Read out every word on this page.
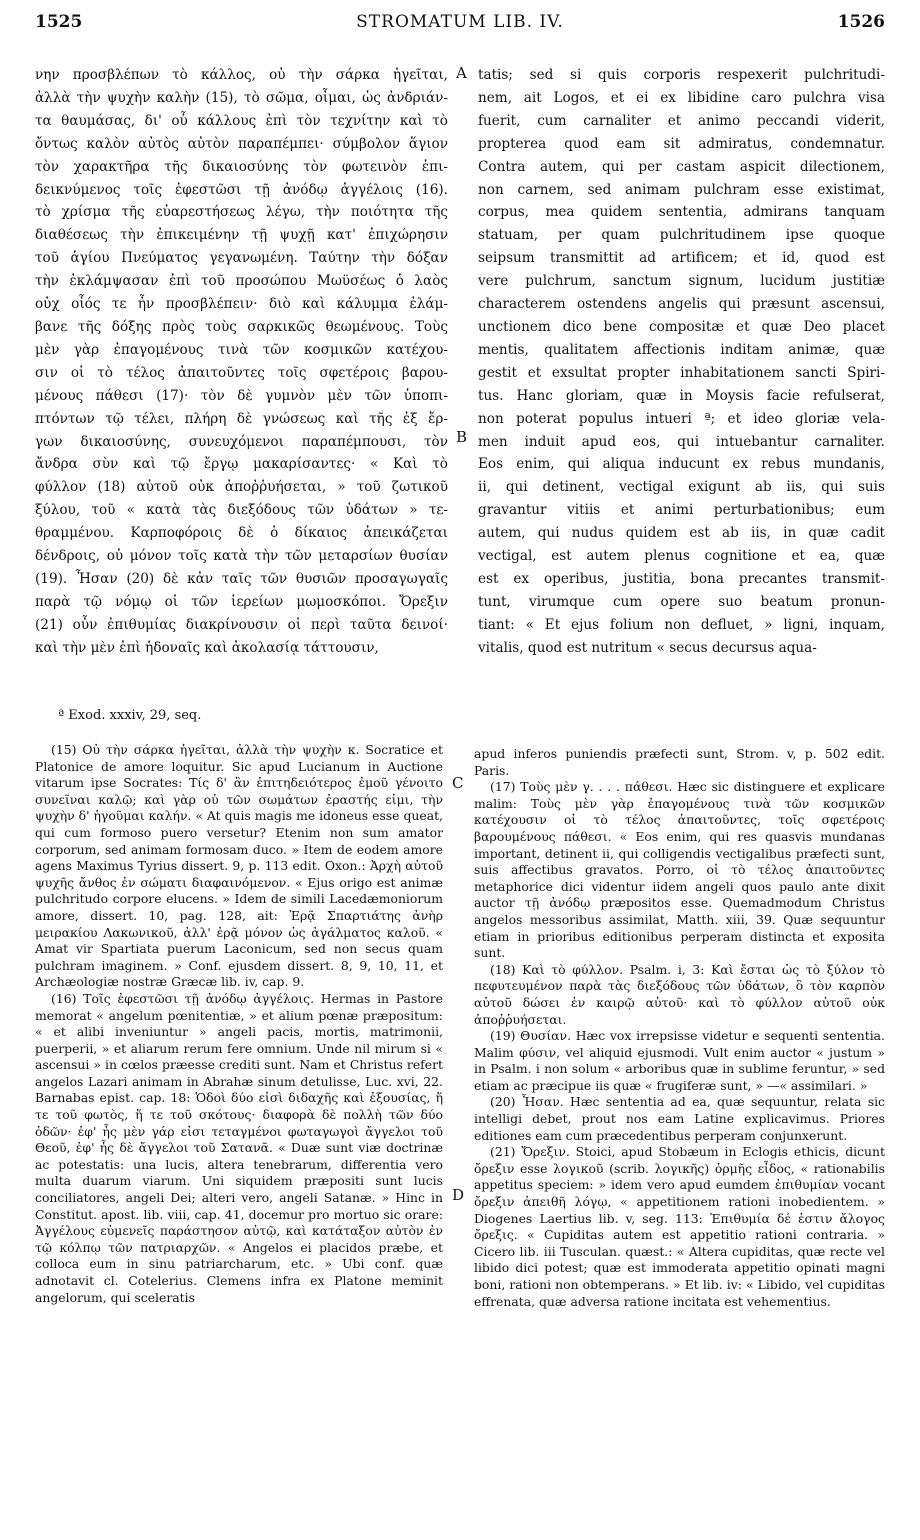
1525	STROMATUM LIB. IV.	1526
νην προσβλέπων τὸ κάλλος, οὐ τὴν σάρκα ἡγεῖται,
ἀλλὰ τὴν ψυχὴν καλὴν (15), τὸ σῶμα, οἶμαι, ὡς ἀνδριάν-
τα θαυμάσας, δι' οὗ κάλλους ἐπὶ τὸν τεχνίτην καὶ τὸ
ὄντως καλὸν αὐτὸς αὐτὸν παραπέμπει· σύμβολον ἅγιον
τὸν χαρακτῆρα τῆς δικαιοσύνης τὸν φωτεινὸν ἐπι-
δεικνύμενος τοῖς ἐφεστῶσι τῇ ἀνόδῳ ἀγγέλοις (16).
τὸ χρίσμα τῆς εὐαρεστήσεως λέγω, τὴν ποιότητα τῆς
διαθέσεως τὴν ἐπικειμένην τῇ ψυχῇ κατ' ἐπιχώρησιν
τοῦ ἁγίου Πνεύματος γεγανωμένη. Ταύτην τὴν δόξαν
τὴν ἐκλάμψασαν ἐπὶ τοῦ προσώπου Μωϋσέως ὁ λαὸς
οὐχ οἷός τε ἦν προσβλέπειν· διὸ καὶ κάλυμμα ἐλάμ-
βανε τῆς δόξης πρὸς τοὺς σαρκικῶς θεωμένους. Τοὺς
μὲν γὰρ ἐπαγομένους τινὰ τῶν κοσμικῶν κατέχου-
σιν οἱ τὸ τέλος ἀπαιτοῦντες τοῖς σφετέροις βαρου-
μένους πάθεσι (17)· τὸν δὲ γυμνὸν μὲν τῶν ὑποπι-
πτόντων τῷ τέλει, πλήρη δὲ γνώσεως καὶ τῆς ἐξ ἔρ-
γων δικαιοσύνης, συνευχόμενοι παραπέμπουσι, τὸν
ἄνδρα σὺν καὶ τῷ ἔργῳ μακαρίσαντες· « Καὶ τὸ
φύλλον (18) αὐτοῦ οὐκ ἀποῤῥυήσεται, » τοῦ ζωτικοῦ
ξύλου, τοῦ « κατὰ τὰς διεξόδους τῶν ὑδάτων » τε-
θραμμένου. Καρποφόροις δὲ ὁ δίκαιος ἀπεικάζεται
δένδροις, οὐ μόνον τοῖς κατὰ τὴν τῶν μεταρσίων θυσίαν
(19). Ἦσαν (20) δὲ κἀν ταῖς τῶν θυσιῶν προσαγωγαῖς
παρὰ τῷ νόμῳ οἱ τῶν ἱερείων μωμοσκόποι. Ὄρεξιν
(21) οὖν ἐπιθυμίας διακρίνουσιν οἱ περὶ ταῦτα δεινοί·
καὶ τὴν μὲν ἐπὶ ἡδοναῖς καὶ ἀκολασίᾳ τάττουσιν,
tatis; sed si quis corporis respexerit pulchritudi-
nem, ait Logos, et ei ex libidine caro pulchra visa
fuerit, cum carnaliter et animo peccandi viderit,
propterea quod eam sit admiratus, condemnatur.
Contra autem, qui per castam aspicit dilectionem,
non carnem, sed animam pulchram esse existimat,
corpus, mea quidem sententia, admirans tanquam
statuam, per quam pulchritudinem ipse quoque
seipsum transmittit ad artificem; et id, quod est
vere pulchrum, sanctum signum, lucidum justitiæ
characterem ostendens angelis qui præsunt ascensui,
unctionem dico bene compositæ et quæ Deo placet
mentis, qualitatem affectionis inditam animæ, quæ
gestit et exsultat propter inhabitationem sancti Spiri-
tus. Hanc gloriam, quæ in Moysis facie refulserat,
non poterat populus intueri ª; et ideo gloriæ vela-
men induit apud eos, qui intuebantur carnaliter.
Eos enim, qui aliqua inducunt ex rebus mundanis,
ii, qui detinent, vectigal exigunt ab iis, qui suis
gravantur vitiis et animi perturbationibus; eum
autem, qui nudus quidem est ab iis, in quæ cadit
vectigal, est autem plenus cognitione et ea, quæ
est ex operibus, justitia, bona precantes transmit-
tunt, virumque cum opere suo beatum pronun-
tiant: « Et ejus folium non defluet, » ligni, inquam,
vitalis, quod est nutritum « secus decursus aqua-
A
B
C
D
ª Exod. xxxiv, 29, seq.

(15) Οὐ τὴν σάρκα ἡγεῖται, ἀλλὰ τὴν ψυχὴν κ. Socratice et Platonice de amore loquitur. Sic apud Lucianum in Auctione vitarum ipse Socrates: Τίς δ' ἂν ἐπιτηδειότερος ἐμοῦ γένοιτο συνεῖναι καλῷ; καὶ γὰρ οὐ τῶν σωμάτων ἐραστής εἰμι, τὴν ψυχὴν δ' ἡγοῦμαι καλήν. « At quis magis me idoneus esse queat, qui cum formoso puero versetur? Etenim non sum amator corporum, sed animam formosam duco. » Item de eodem amore agens Maximus Tyrius dissert. 9, p. 113 edit. Oxon.: Ἀρχὴ αὐτοῦ ψυχῆς ἄνθος ἐν σώματι διαφαινόμενον. « Ejus origo est animæ pulchritudo corpore elucens. » Idem de simili Lacedæmoniorum amore, dissert. 10, pag. 128, ait: Ἐρᾷ Σπαρτιάτης ἀνὴρ μειρακίου Λακωνικοῦ, ἀλλ' ἐρᾷ μόνον ὡς ἀγάλματος καλοῦ. « Amat vir Spartiata puerum Laconicum, sed non secus quam pulchram imaginem. » Conf. ejusdem dissert. 8, 9, 10, 11, et Archæologiæ nostræ Græcæ lib. iv, cap. 9.

(16) Τοῖς ἐφεστῶσι τῇ ἀνόδῳ ἀγγέλοις. Hermas in Pastore memorat « angelum pœnitentiæ, » et alium pœnæ præpositum: « et alibi inveniuntur » angeli pacis, mortis, matrimonii, puerperii, » et aliarum rerum fere omnium. Unde nil mirum si « ascensui » in cœlos præesse crediti sunt. Nam et Christus refert angelos Lazari animam in Abrahæ sinum detulisse, Luc. xvi, 22. Barnabas epist. cap. 18: Ὁδοὶ δύο εἰσὶ διδαχῆς καὶ ἐξουσίας, ἥ τε τοῦ φωτὸς, ἥ τε τοῦ σκότους· διαφορὰ δὲ πολλὴ τῶν δύο ὁδῶν· ἐφ' ἧς μὲν γάρ εἰσι τεταγμένοι φωταγωγοὶ ἄγγελοι τοῦ Θεοῦ, ἐφ' ἧς δὲ ἄγγελοι τοῦ Σατανᾶ. « Duæ sunt viæ doctrinæ ac potestatis: una lucis, altera tenebrarum, differentia vero multa duarum viarum. Uni siquidem præpositi sunt lucis conciliatores, angeli Dei; alteri vero, angeli Satanæ. » Hinc in Constitut. apost. lib. viii, cap. 41, docemur pro mortuo sic orare: Ἀγγέλους εὐμενεῖς παράστησον αὐτῷ, καὶ κατάταξον αὐτὸν ἐν τῷ κόλπῳ τῶν πατριαρχῶν. « Angelos ei placidos præbe, et colloca eum in sinu patriarcharum, etc. » Ubi conf. quæ adnotavit cl. Cotelerius. Clemens infra ex Platone meminit angelorum, qui sceleratis

apud inferos puniendis præfecti sunt, Strom. v, p. 502 edit. Paris.

(17) Τοὺς μὲν γ. . . . πάθεσι. Hæc sic distinguere et explicare malim: Τοὺς μὲν γὰρ ἐπαγομένους τινὰ τῶν κοσμικῶν κατέχουσιν οἱ τὸ τέλος ἀπαιτοῦντες, τοῖς σφετέροις βαρουμένους πάθεσι. « Eos enim, qui res quasvis mundanas important, detinent ii, qui colligendis vectigalibus præfecti sunt, suis affectibus gravatos. Porro, οἱ τὸ τέλος ἀπαιτοῦντες metaphorice dici videntur iidem angeli quos paulo ante dixit auctor τῇ ἀνόδῳ præpositos esse. Quemadmodum Christus angelos messoribus assimilat, Matth. xiii, 39. Quæ sequuntur etiam in prioribus editionibus perperam distincta et exposita sunt.

(18) Καὶ τὸ φύλλον. Psalm. i, 3: Καὶ ἔσται ὡς τὸ ξύλον τὸ πεφυτευμένον παρὰ τὰς διεξόδους τῶν ὑδάτων, ὃ τὸν καρπὸν αὐτοῦ δώσει ἐν καιρῷ αὐτοῦ· καὶ τὸ φύλλον αὐτοῦ οὐκ ἀποῤῥυήσεται.

(19) Θυσίαν. Hæc vox irrepsisse videtur e sequenti sententia. Malim φύσιν, vel aliquid ejusmodi. Vult enim auctor « justum » in Psalm. i non solum « arboribus quæ in sublime feruntur, » sed etiam ac præcipue iis quæ « frugiferæ sunt, » —« assimilari. »

(20) Ἦσαν. Hæc sententia ad ea, quæ sequuntur, relata sic intelligi debet, prout nos eam Latine explicavimus. Priores editiones eam cum præcedentibus perperam conjunxerunt.

(21) Ὄρεξιν. Stoici, apud Stobæum in Eclogis ethicis, dicunt ὄρεξιν esse λογικοῦ (scrib. λογικῆς) ὁρμῆς εἶδος, « rationabilis appetitus speciem: » idem vero apud eumdem ἐπιθυμίαν vocant ὄρεξιν ἀπειθῆ λόγῳ, « appetitionem rationi inobedientem. » Diogenes Laertius lib. v, seg. 113: Ἐπιθυμία δέ ἐστιν ἄλογος ὄρεξις. « Cupiditas autem est appetitio rationi contraria. » Cicero lib. iii Tusculan. quæst.: « Altera cupiditas, quæ recte vel libido dici potest; quæ est immoderata appetitio opinati magni boni, rationi non obtemperans. » Et lib. iv: « Libido, vel cupiditas effrenata, quæ adversa ratione incitata est vehementius.
